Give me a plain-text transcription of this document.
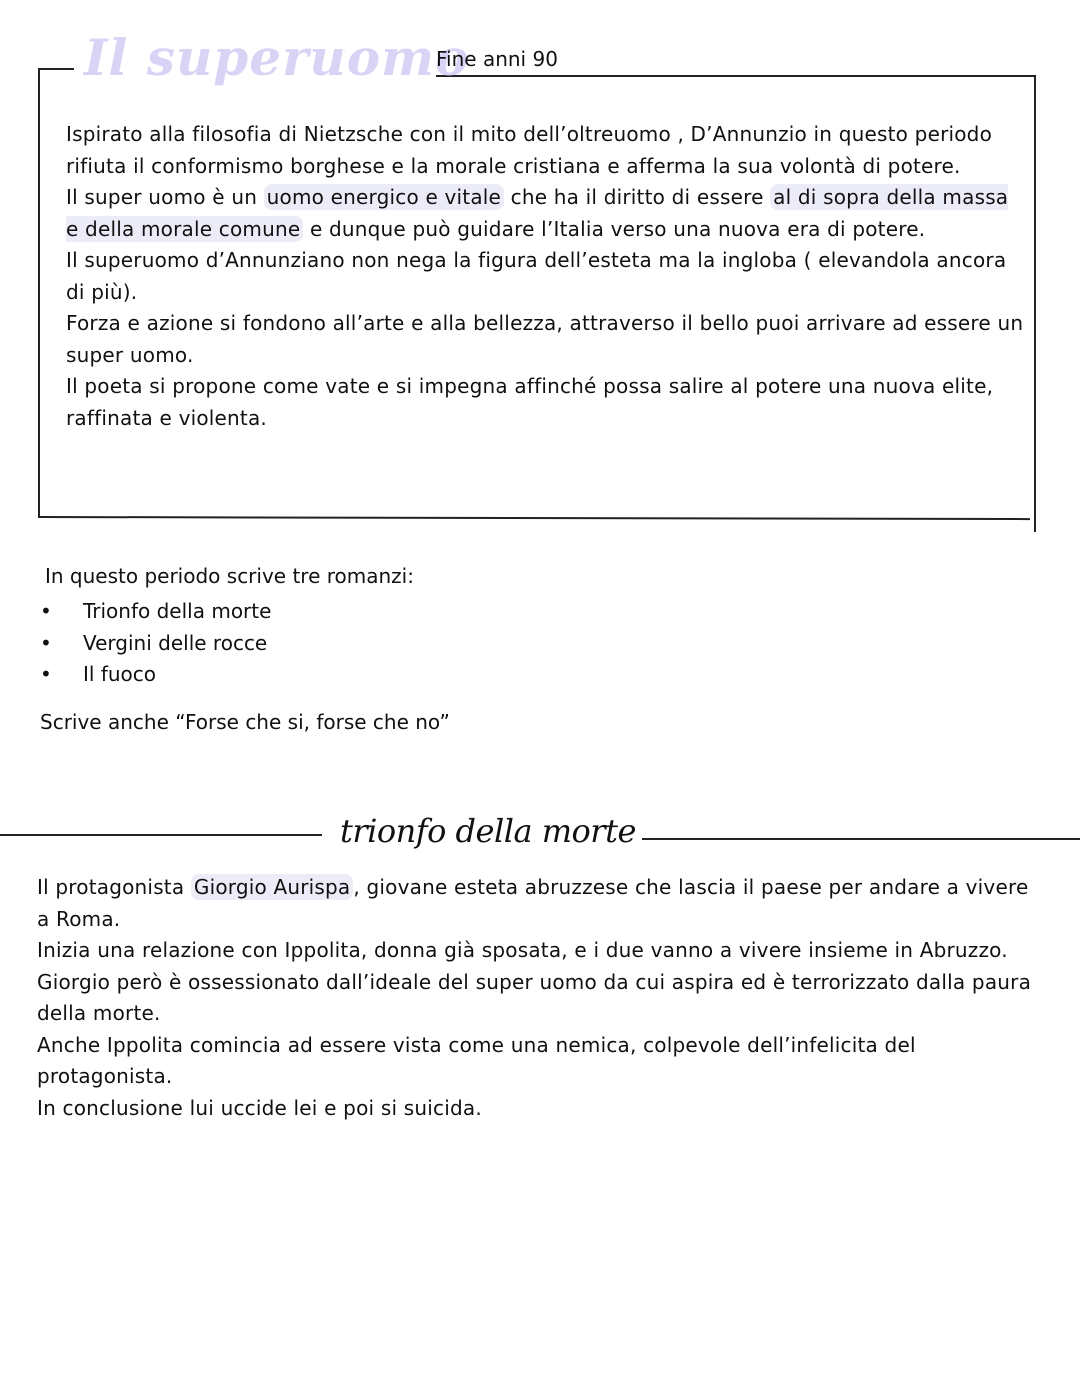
Il superuomo
Fine anni 90
Ispirato alla filosofia di Nietzsche con il mito dell’oltreuomo , D’Annunzio in questo periodo rifiuta il conformismo borghese e la morale cristiana e afferma la sua volontà di potere.
Il super uomo è un uomo energico e vitale che ha il diritto di essere al di sopra della massa e della morale comune e dunque può guidare l’Italia verso una nuova era di potere.
Il superuomo d’Annunziano non nega la figura dell’esteta ma la ingloba ( elevandola ancora di più).
Forza e azione si fondono all’arte e alla bellezza, attraverso il bello puoi arrivare ad essere un super uomo.
Il poeta si propone come vate e si impegna affinché possa salire al potere una nuova elite, raffinata e violenta.
In questo periodo scrive tre romanzi:
• Trionfo della morte
• Vergini delle rocce
• Il fuoco
Scrive anche “Forse che si, forse che no”
trionfo della morte
Il protagonista Giorgio Aurispa , giovane esteta abruzzese che lascia il paese per andare a vivere a Roma.
Inizia una relazione con Ippolita, donna già sposata, e i due vanno a vivere insieme in Abruzzo.
Giorgio però è ossessionato dall’ideale del super uomo da cui aspira ed è terrorizzato dalla paura della morte.
Anche Ippolita comincia ad essere vista come una nemica, colpevole dell’infelicita del protagonista.
In conclusione lui uccide lei e poi si suicida.
